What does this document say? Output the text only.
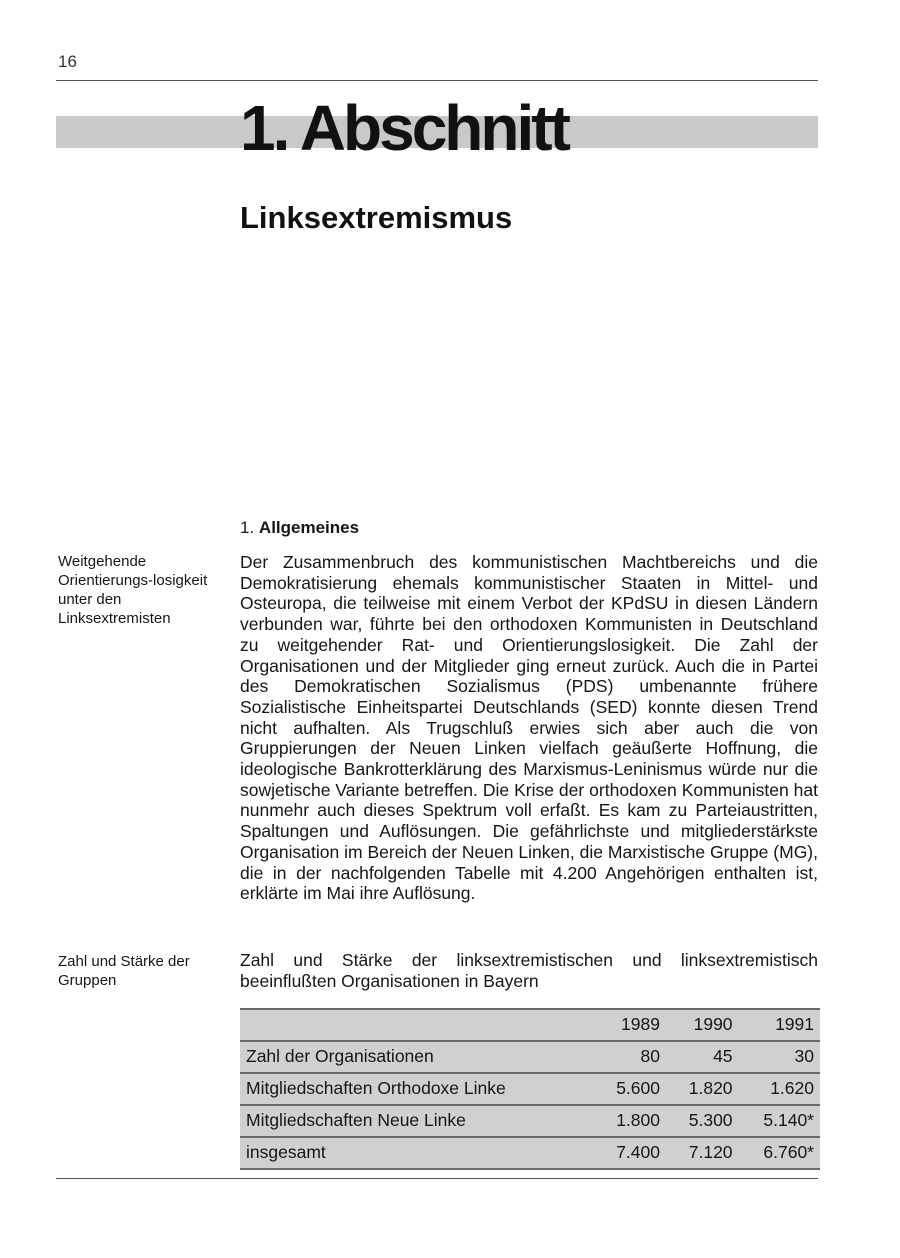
16
1. Abschnitt
Linksextremismus
1. Allgemeines
Weitgehende Orientierungs-losigkeit unter den Linksextremisten
Zahl und Stärke der Gruppen

Der Zusammenbruch des kommunistischen Machtbereichs und die Demokratisierung ehemals kommunistischer Staaten in Mittel- und Osteuropa, die teilweise mit einem Verbot der KPdSU in diesen Ländern verbunden war, führte bei den orthodoxen Kommunisten in Deutschland zu weitgehender Rat- und Orientierungslosigkeit. Die Zahl der Organisationen und der Mitglieder ging erneut zurück. Auch die in Partei des Demokratischen Sozialismus (PDS) umbenannte frühere Sozialistische Einheitspartei Deutschlands (SED) konnte diesen Trend nicht aufhalten. Als Trugschluß erwies sich aber auch die von Gruppierungen der Neuen Linken vielfach geäußerte Hoffnung, die ideologische Bankrotterklärung des Marxismus-Leninismus würde nur die sowjetische Variante betreffen. Die Krise der orthodoxen Kommunisten hat nunmehr auch dieses Spektrum voll erfaßt. Es kam zu Parteiaustritten, Spaltungen und Auflösungen. Die gefährlichste und mitgliederstärkste Organisation im Bereich der Neuen Linken, die Marxistische Gruppe (MG), die in der nachfolgenden Tabelle mit 4.200 Angehörigen enthalten ist, erklärte im Mai ihre Auflösung.

Zahl und Stärke der linksextremistischen und linksextremistisch beeinflußten Organisationen in Bayern

	1989	1990	1991
Zahl der Organisationen	80	45	30
Mitgliedschaften Orthodoxe Linke	5.600	1.820	1.620
Mitgliedschaften Neue Linke	1.800	5.300	5.140*
insgesamt	7.400	7.120	6.760*
